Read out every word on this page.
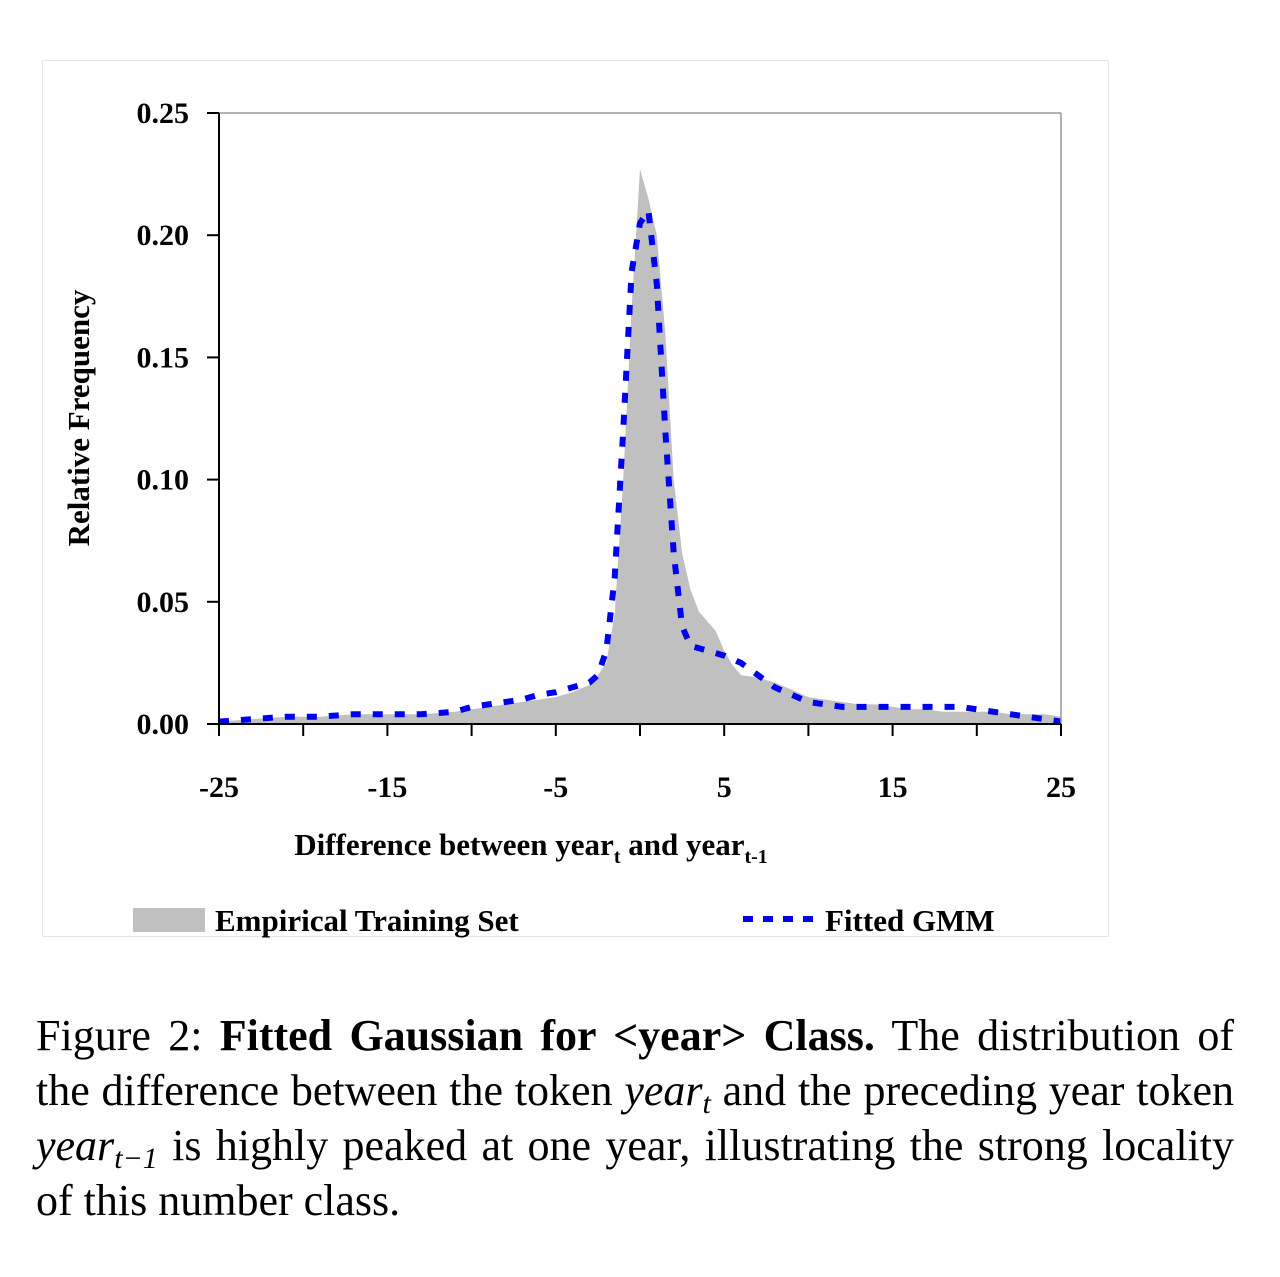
0.00
0.05
0.10
0.15
0.20
0.25
-25	-15	-5	5	15	25
Relative Frequency
Difference between year$_t$ and year$_{t-1}$
Empirical Training Set	Fitted GMM
Figure 2: Fitted Gaussian for <year> Class. The distribution of the difference between the token year$_t$ and the preceding year token year$_{t-1}$ is highly peaked at one year, illustrating the strong locality of this number class.
